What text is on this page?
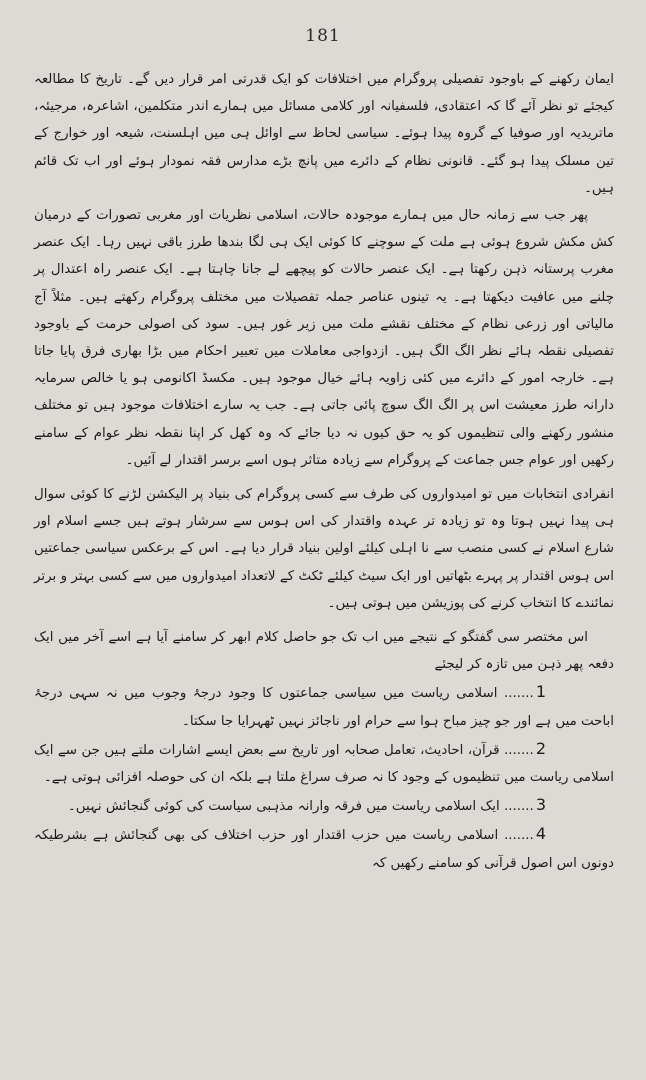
181

ایمان رکھنے کے باوجود تفصیلی پروگرام میں اختلافات کو ایک قدرتی امر قرار دیں گے۔ تاریخ کا مطالعہ کیجئے تو نظر آئے گا کہ اعتقادی، فلسفیانہ اور کلامی مسائل میں ہمارے اندر متکلمین، اشاعرہ، مرجیئہ، ماتریدیہ اور صوفیا کے گروہ پیدا ہوئے۔ سیاسی لحاظ سے اوائل ہی میں اہلسنت، شیعہ اور خوارج کے تین مسلک پیدا ہو گئے۔ قانونی نظام کے دائرے میں پانچ بڑے مدارس فقہ نمودار ہوئے اور اب تک قائم ہیں۔

پھر جب سے زمانہ حال میں ہمارے موجودہ حالات، اسلامی نظریات اور مغربی تصورات کے درمیان کش مکش شروع ہوئی ہے ملت کے سوچنے کا کوئی ایک ہی لگا بندھا طرز باقی نہیں رہا۔ ایک عنصر مغرب پرستانہ ذہن رکھتا ہے۔ ایک عنصر حالات کو پیچھے لے جانا چاہتا ہے۔ ایک عنصر راہ اعتدال پر چلنے میں عافیت دیکھتا ہے۔ یہ تینوں عناصر جملہ تفصیلات میں مختلف پروگرام رکھتے ہیں۔ مثلاً آج مالیاتی اور زرعی نظام کے مختلف نقشے ملت میں زیر غور ہیں۔ سود کی اصولی حرمت کے باوجود تفصیلی نقطہ ہائے نظر الگ الگ ہیں۔ ازدواجی معاملات میں تعبیر احکام میں بڑا بھاری فرق پایا جاتا ہے۔ خارجہ امور کے دائرے میں کئی زاویہ ہائے خیال موجود ہیں۔ مکسڈ اکانومی ہو یا خالص سرمایہ دارانہ طرز معیشت اس پر الگ الگ سوچ پائی جاتی ہے۔ جب یہ سارے اختلافات موجود ہیں تو مختلف منشور رکھنے والی تنظیموں کو یہ حق کیوں نہ دیا جائے کہ وہ کھل کر اپنا نقطہ نظر عوام کے سامنے رکھیں اور عوام جس جماعت کے پروگرام سے زیادہ متاثر ہوں اسے برسر اقتدار لے آئیں۔

انفرادی انتخابات میں تو امیدواروں کی طرف سے کسی پروگرام کی بنیاد پر الیکشن لڑنے کا کوئی سوال ہی پیدا نہیں ہوتا وہ تو زیادہ تر عہدہ واقتدار کی اس ہوس سے سرشار ہوتے ہیں جسے اسلام اور شارع اسلام نے کسی منصب سے نا اہلی کیلئے اولین بنیاد قرار دیا ہے۔ اس کے برعکس سیاسی جماعتیں اس ہوس اقتدار پر پہرے بٹھاتیں اور ایک سیٹ کیلئے ٹکٹ کے لاتعداد امیدواروں میں سے کسی بہتر و برتر نمائندے کا انتخاب کرنے کی پوزیشن میں ہوتی ہیں۔

اس مختصر سی گفتگو کے نتیجے میں اب تک جو حاصل کلام ابھر کر سامنے آیا ہے اسے آخر میں ایک دفعہ پھر ذہن میں تازہ کر لیجئے

1....... اسلامی ریاست میں سیاسی جماعتوں کا وجود درجۂ وجوب میں نہ سہی درجۂ اباحت میں ہے اور جو چیز مباح ہوا سے حرام اور ناجائز نہیں ٹھہرایا جا سکتا۔

2....... قرآن، احادیث، تعامل صحابہ اور تاریخ سے بعض ایسے اشارات ملتے ہیں جن سے ایک اسلامی ریاست میں تنظیموں کے وجود کا نہ صرف سراغ ملتا ہے بلکہ ان کی حوصلہ افزائی ہوتی ہے۔

3....... ایک اسلامی ریاست میں فرقہ وارانہ مذہبی سیاست کی کوئی گنجائش نہیں۔

4....... اسلامی ریاست میں حزب اقتدار اور حزب اختلاف کی بھی گنجائش ہے بشرطیکہ دونوں اس اصول قرآنی کو سامنے رکھیں کہ
